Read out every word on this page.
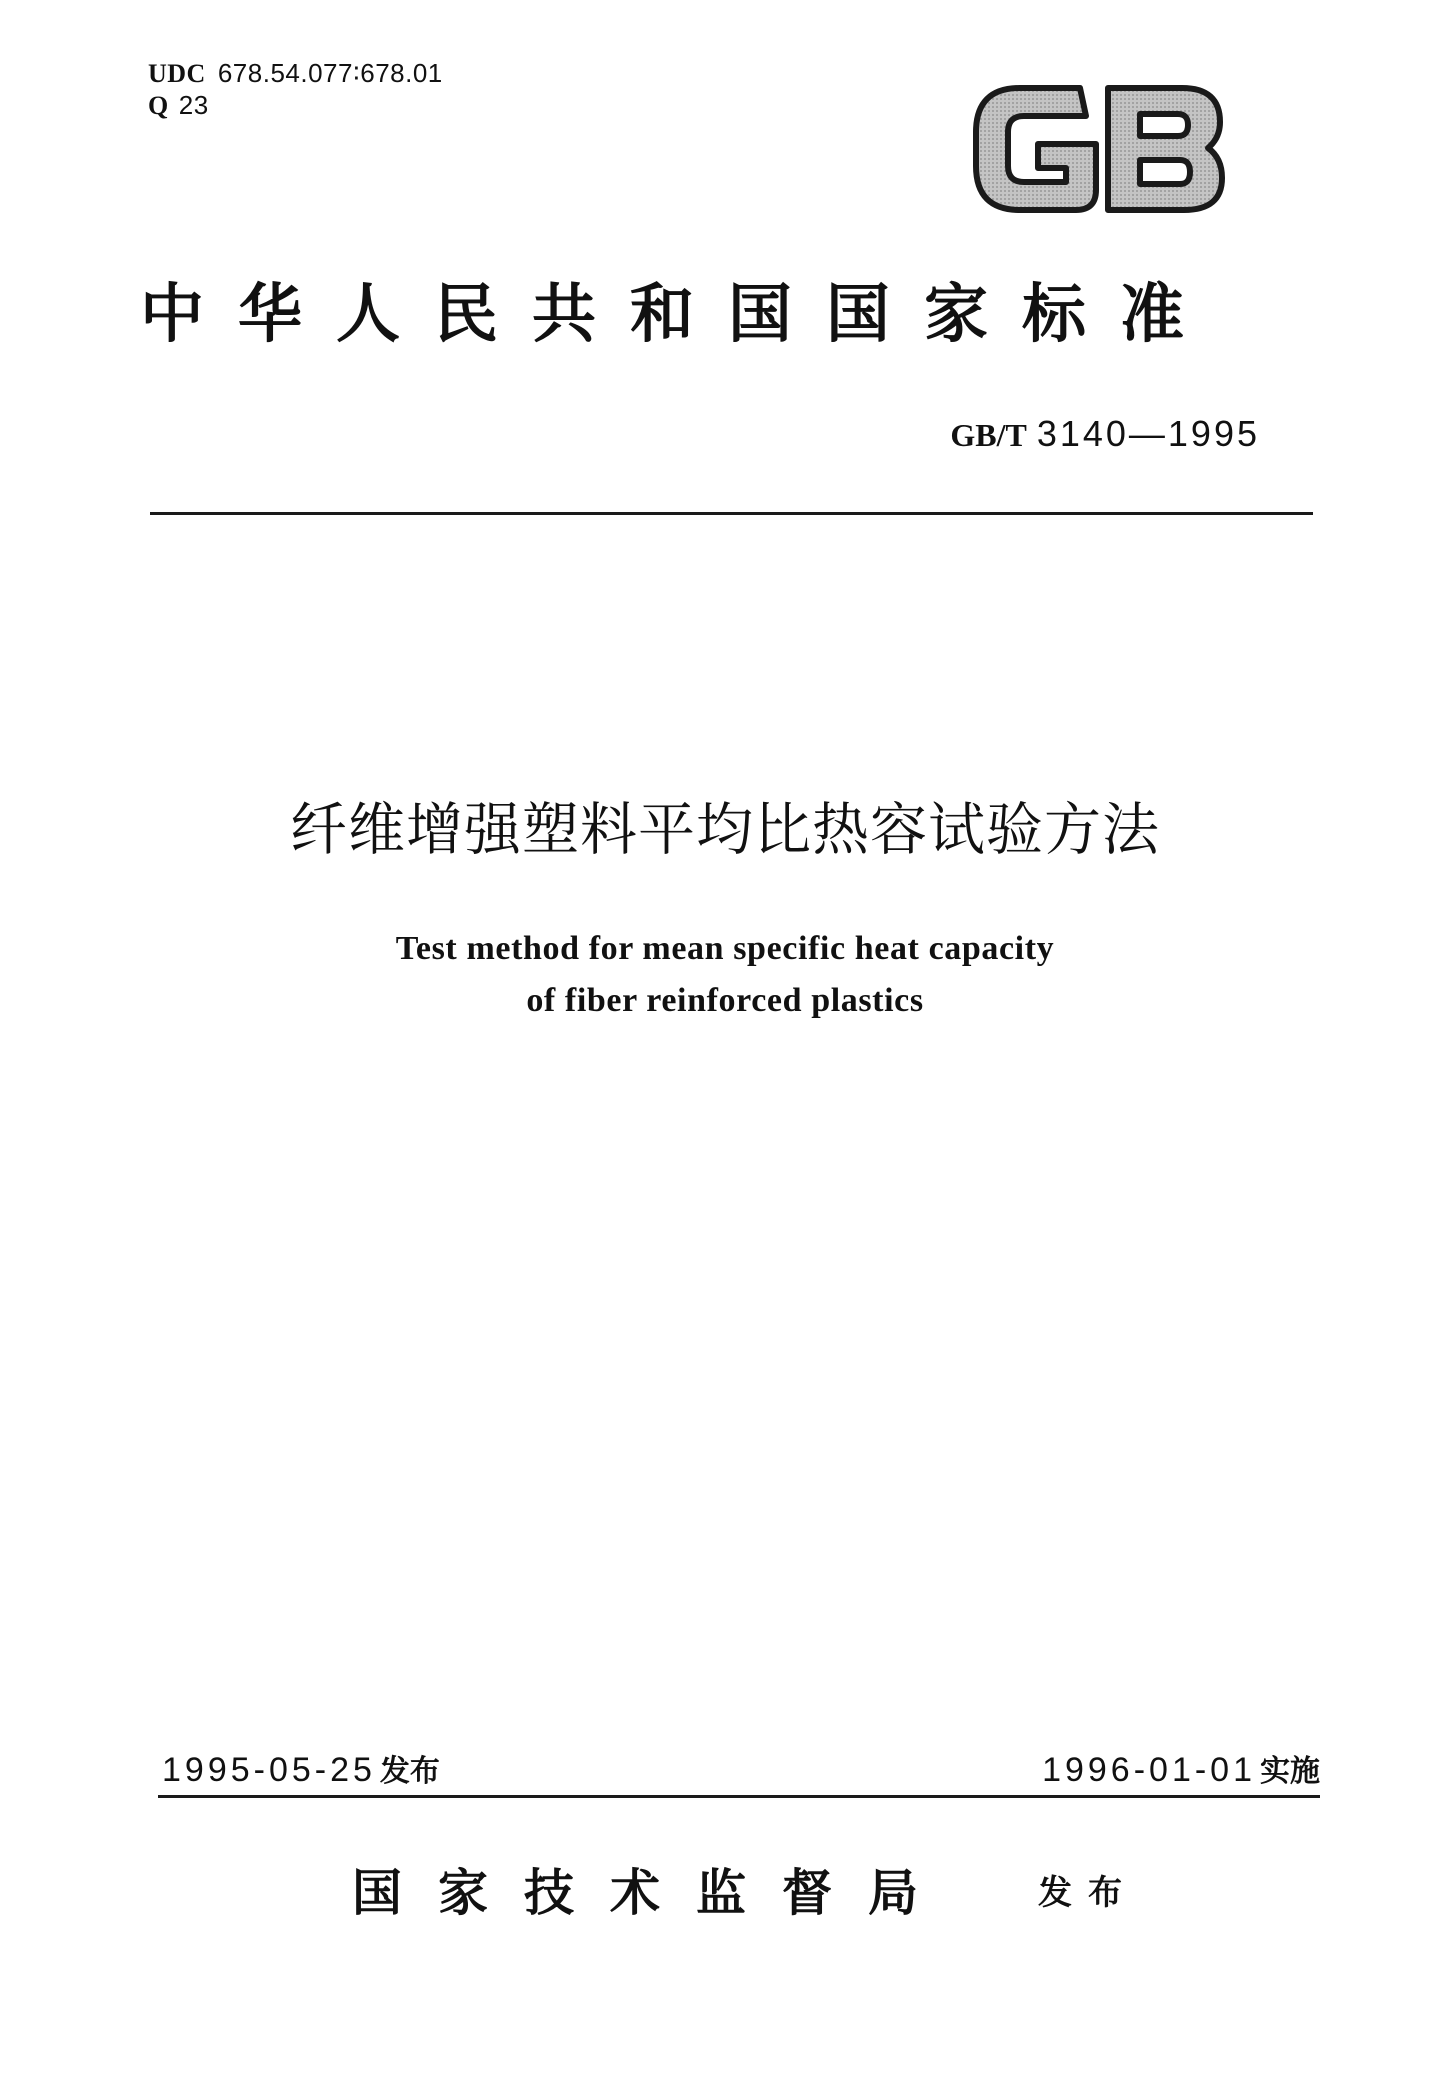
UDC 678.54.077∶678.01
Q 23
中华人民共和国国家标准
GB/T 3140—1995
纤维增强塑料平均比热容试验方法
Test method for mean specific heat capacity
of fiber reinforced plastics
1995-05-25 发布	1996-01-01 实施
国家技术监督局 发布
